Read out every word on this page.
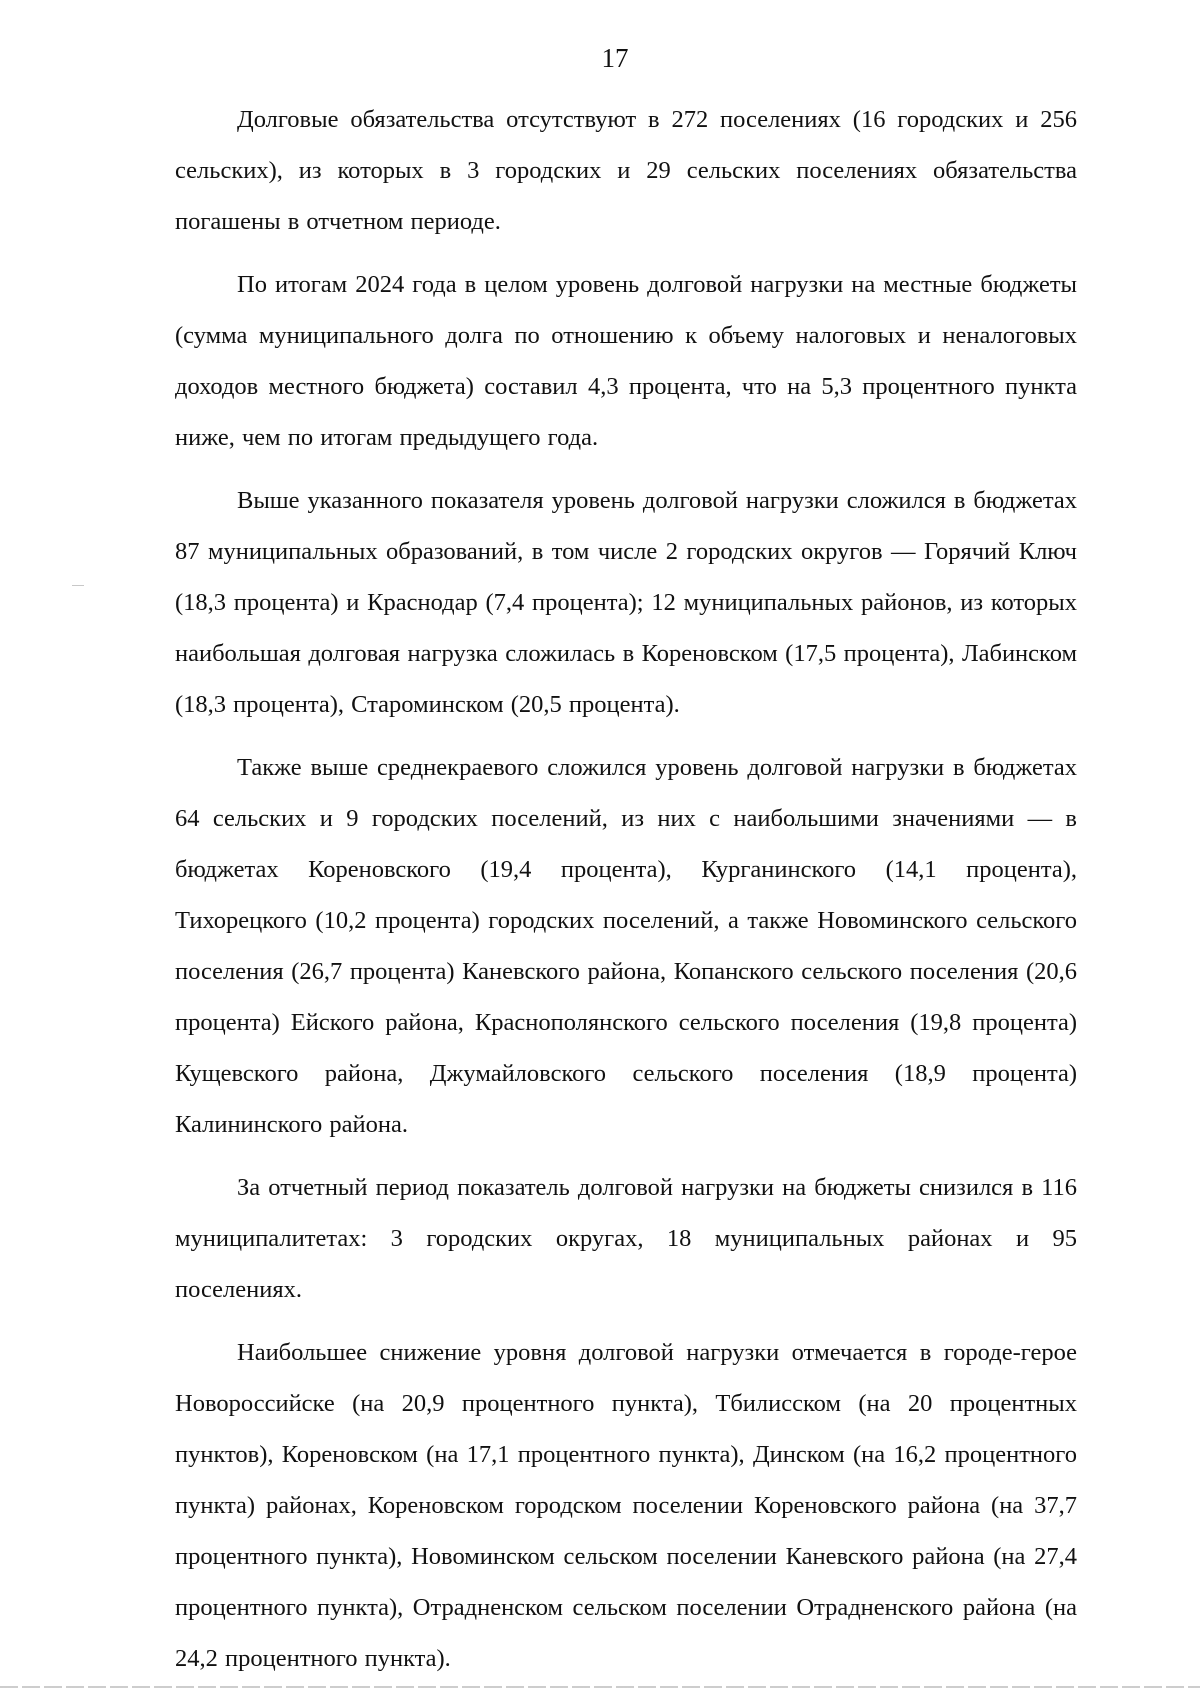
17

Долговые обязательства отсутствуют в 272 поселениях (16 городских и 256 сельских), из которых в 3 городских и 29 сельских поселениях обязательства погашены в отчетном периоде.

По итогам 2024 года в целом уровень долговой нагрузки на местные бюджеты (сумма муниципального долга по отношению к объему налоговых и неналоговых доходов местного бюджета) составил 4,3 процента, что на 5,3 процентного пункта ниже, чем по итогам предыдущего года.

Выше указанного показателя уровень долговой нагрузки сложился в бюджетах 87 муниципальных образований, в том числе 2 городских округов — Горячий Ключ (18,3 процента) и Краснодар (7,4 процента); 12 муниципальных районов, из которых наибольшая долговая нагрузка сложилась в Кореновском (17,5 процента), Лабинском (18,3 процента), Староминском (20,5 процента).

Также выше среднекраевого сложился уровень долговой нагрузки в бюджетах 64 сельских и 9 городских поселений, из них с наибольшими значениями — в бюджетах Кореновского (19,4 процента), Курганинского (14,1 процента), Тихорецкого (10,2 процента) городских поселений, а также Новоминского сельского поселения (26,7 процента) Каневского района, Копанского сельского поселения (20,6 процента) Ейского района, Краснополянского сельского поселения (19,8 процента) Кущевского района, Джумайловского сельского поселения (18,9 процента) Калининского района.

За отчетный период показатель долговой нагрузки на бюджеты снизился в 116 муниципалитетах: 3 городских округах, 18 муниципальных районах и 95 поселениях.

Наибольшее снижение уровня долговой нагрузки отмечается в городе-герое Новороссийске (на 20,9 процентного пункта), Тбилисском (на 20 процентных пунктов), Кореновском (на 17,1 процентного пункта), Динском (на 16,2 процентного пункта) районах, Кореновском городском поселении Кореновского района (на 37,7 процентного пункта), Новоминском сельском поселении Каневского района (на 27,4 процентного пункта), Отрадненском сельском поселении Отрадненского района (на 24,2 процентного пункта).
